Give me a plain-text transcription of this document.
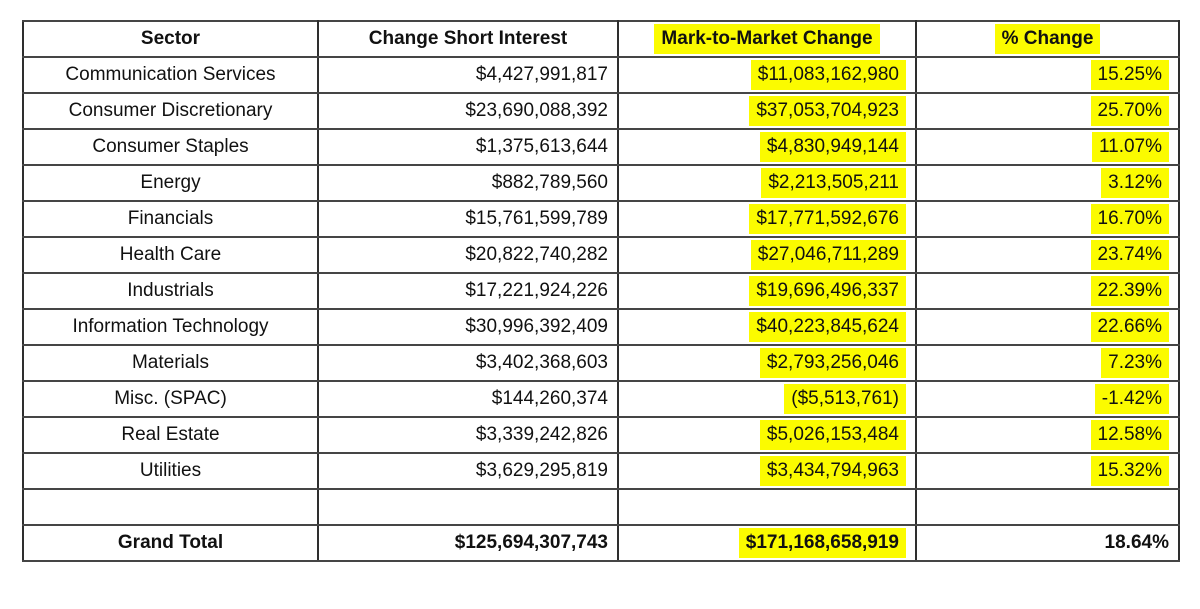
Sector	Change Short Interest	Mark-to-Market Change	% Change
Communication Services	$4,427,991,817	$11,083,162,980	15.25%
Consumer Discretionary	$23,690,088,392	$37,053,704,923	25.70%
Consumer Staples	$1,375,613,644	$4,830,949,144	11.07%
Energy	$882,789,560	$2,213,505,211	3.12%
Financials	$15,761,599,789	$17,771,592,676	16.70%
Health Care	$20,822,740,282	$27,046,711,289	23.74%
Industrials	$17,221,924,226	$19,696,496,337	22.39%
Information Technology	$30,996,392,409	$40,223,845,624	22.66%
Materials	$3,402,368,603	$2,793,256,046	7.23%
Misc. (SPAC)	$144,260,374	($5,513,761)	-1.42%
Real Estate	$3,339,242,826	$5,026,153,484	12.58%
Utilities	$3,629,295,819	$3,434,794,963	15.32%

Grand Total	$125,694,307,743	$171,168,658,919	18.64%
